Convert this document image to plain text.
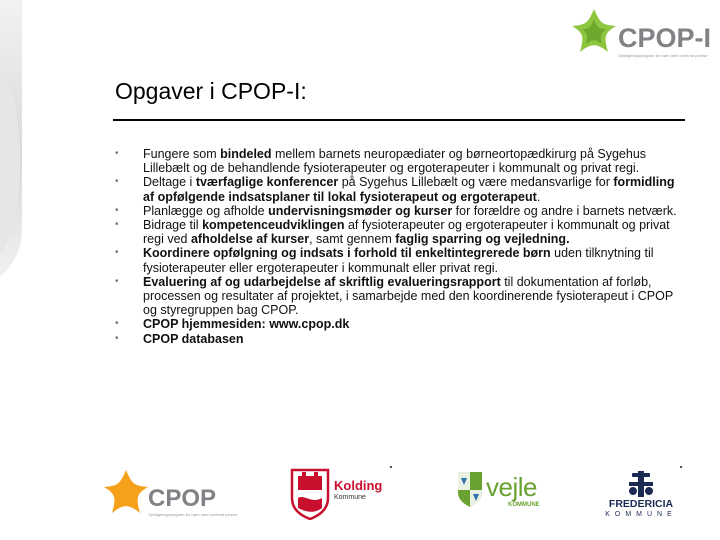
CPOP-I
Opfølgningsprogram for børn med cerebral parese
Opgaver i CPOP-I:
• Fungere som bindeled mellem barnets neuropædiater og børneortopædkirurg på Sygehus Lillebælt og de behandlende fysioterapeuter og ergoterapeuter i kommunalt og privat regi.
• Deltage i tværfaglige konferencer på Sygehus Lillebælt og være medansvarlige for formidling af opfølgende indsatsplaner til lokal fysioterapeut og ergoterapeut.
• Planlægge og afholde undervisningsmøder og kurser for forældre og andre i barnets netværk.
• Bidrage til kompetenceudviklingen af fysioterapeuter og ergoterapeuter i kommunalt og privat regi ved afholdelse af kurser, samt gennem faglig sparring og vejledning.
• Koordinere opfølgning og indsats i forhold til enkeltintegrerede børn uden tilknytning til fysioterapeuter eller ergoterapeuter i kommunalt eller privat regi.
• Evaluering af og udarbejdelse af skriftlig evalueringsrapport til dokumentation af forløb, processen og resultater af projektet, i samarbejde med den koordinerende fysioterapeut i CPOP og styregruppen bag CPOP.
• CPOP hjemmesiden: www.cpop.dk
• CPOP databasen
CPOP
Opfølgningsprogram for børn med cerebral parese
Kolding
Kommune	vejle
KOMMUNE	FREDERICIA
KOMMUNE
